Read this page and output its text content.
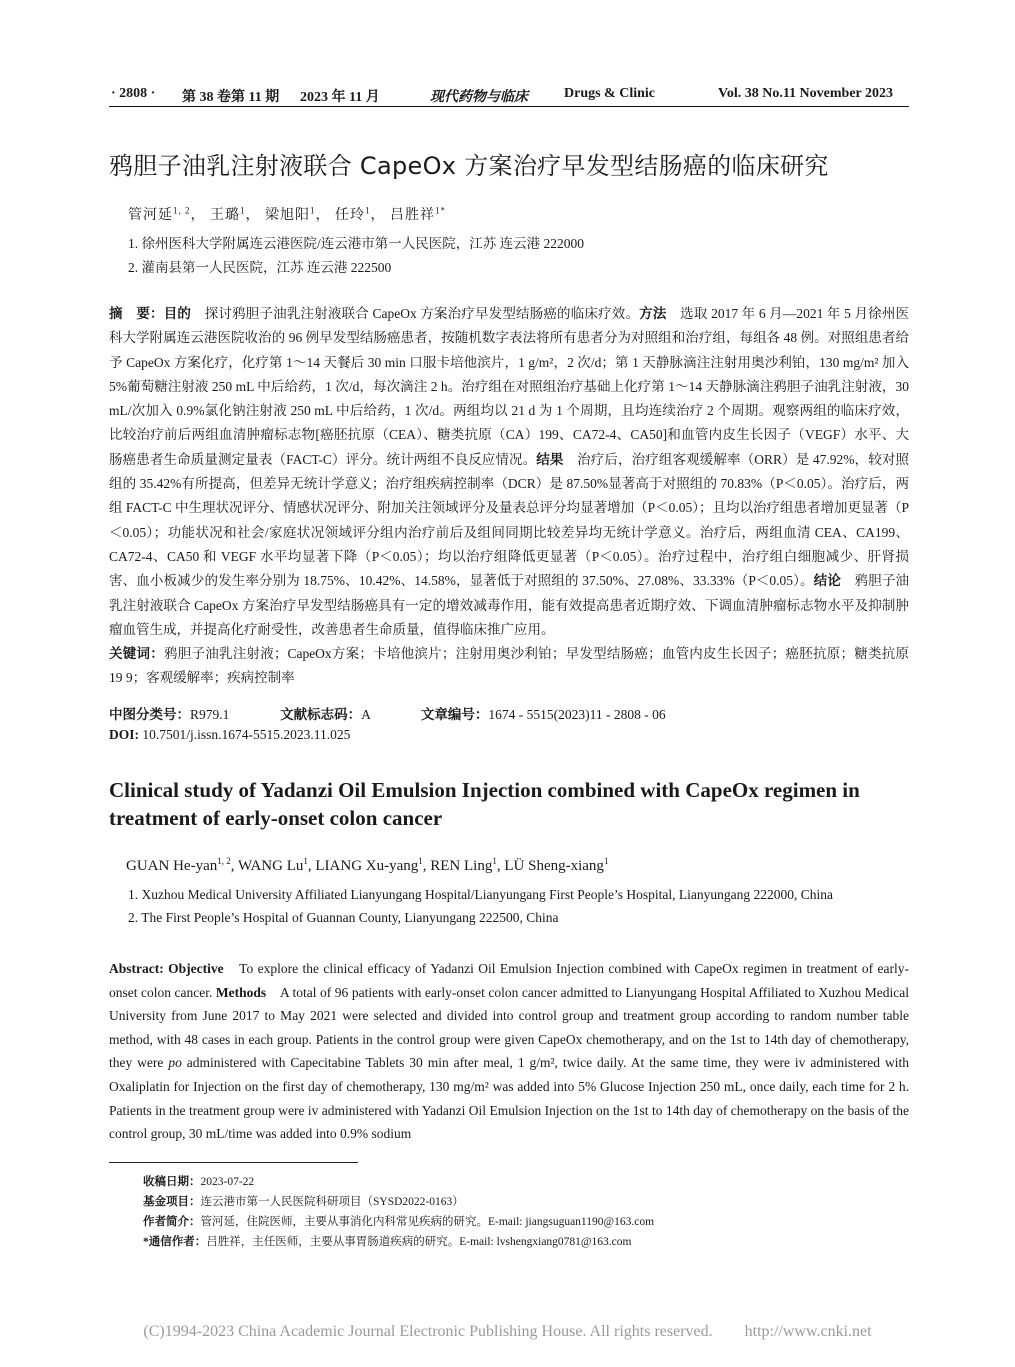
· 2808 · 第 38 卷第 11 期 2023 年 11 月	现代药物与临床	Drugs & Clinic	Vol. 38 No.11 November 2023
鸦胆子油乳注射液联合 CapeOx 方案治疗早发型结肠癌的临床研究
管河延$^{1, 2}$， 王璐$^1$， 梁旭阳$^1$， 任玲$^1$， 吕胜祥$^{1*}$
1. 徐州医科大学附属连云港医院/连云港市第一人民医院，江苏 连云港 222000
2. 灌南县第一人民医院，江苏 连云港 222500
摘　要：目的　探讨鸦胆子油乳注射液联合 CapeOx 方案治疗早发型结肠癌的临床疗效。方法　选取 2017 年 6 月—2021 年 5 月徐州医科大学附属连云港医院收治的 96 例早发型结肠癌患者，按随机数字表法将所有患者分为对照组和治疗组，每组各 48 例。对照组患者给予 CapeOx 方案化疗，化疗第 1～14 天餐后 30 min 口服卡培他滨片，1 g/m²，2 次/d；第 1 天静脉滴注注射用奥沙利铂，130 mg/m² 加入 5%葡萄糖注射液 250 mL 中后给药，1 次/d，每次滴注 2 h。治疗组在对照组治疗基础上化疗第 1～14 天静脉滴注鸦胆子油乳注射液，30 mL/次加入 0.9%氯化钠注射液 250 mL 中后给药，1 次/d。两组均以 21 d 为 1 个周期，且均连续治疗 2 个周期。观察两组的临床疗效，比较治疗前后两组血清肿瘤标志物[癌胚抗原（CEA）、糖类抗原（CA）199、CA72-4、CA50]和血管内皮生长因子（VEGF）水平、大肠癌患者生命质量测定量表（FACT-C）评分。统计两组不良反应情况。结果　治疗后，治疗组客观缓解率（ORR）是 47.92%，较对照组的 35.42%有所提高，但差异无统计学意义；治疗组疾病控制率（DCR）是 87.50%显著高于对照组的 70.83%（P＜0.05）。治疗后，两组 FACT-C 中生理状况评分、情感状况评分、附加关注领域评分及量表总评分均显著增加（P＜0.05）；且均以治疗组患者增加更显著（P＜0.05）；功能状况和社会/家庭状况领域评分组内治疗前后及组间同期比较差异均无统计学意义。治疗后，两组血清 CEA、CA199、CA72-4、CA50 和 VEGF 水平均显著下降（P＜0.05）；均以治疗组降低更显著（P＜0.05）。治疗过程中，治疗组白细胞减少、肝肾损害、血小板减少的发生率分别为 18.75%、10.42%、14.58%，显著低于对照组的 37.50%、27.08%、33.33%（P＜0.05）。结论　鸦胆子油乳注射液联合 CapeOx 方案治疗早发型结肠癌具有一定的增效减毒作用，能有效提高患者近期疗效、下调血清肿瘤标志物水平及抑制肿瘤血管生成，并提高化疗耐受性，改善患者生命质量，值得临床推广应用。
关键词：鸦胆子油乳注射液；CapeOx方案；卡培他滨片；注射用奥沙利铂；早发型结肠癌；血管内皮生长因子；癌胚抗原；糖类抗原 19 9；客观缓解率；疾病控制率
中图分类号：R979.1	文献标志码：A	文章编号：1674 - 5515(2023)11 - 2808 - 06
DOI: 10.7501/j.issn.1674-5515.2023.11.025
Clinical study of Yadanzi Oil Emulsion Injection combined with CapeOx regimen in treatment of early-onset colon cancer
GUAN He-yan$^{1, 2}$, WANG Lu$^1$, LIANG Xu-yang$^1$, REN Ling$^1$, LÜ Sheng-xiang$^1$
1. Xuzhou Medical University Affiliated Lianyungang Hospital/Lianyungang First People’s Hospital, Lianyungang 222000, China
2. The First People’s Hospital of Guannan County, Lianyungang 222500, China
Abstract: Objective　To explore the clinical efficacy of Yadanzi Oil Emulsion Injection combined with CapeOx regimen in treatment of early-onset colon cancer. Methods　A total of 96 patients with early-onset colon cancer admitted to Lianyungang Hospital Affiliated to Xuzhou Medical University from June 2017 to May 2021 were selected and divided into control group and treatment group according to random number table method, with 48 cases in each group. Patients in the control group were given CapeOx chemotherapy, and on the 1st to 14th day of chemotherapy, they were po administered with Capecitabine Tablets 30 min after meal, 1 g/m², twice daily. At the same time, they were iv administered with Oxaliplatin for Injection on the first day of chemotherapy, 130 mg/m² was added into 5% Glucose Injection 250 mL, once daily, each time for 2 h. Patients in the treatment group were iv administered with Yadanzi Oil Emulsion Injection on the 1st to 14th day of chemotherapy on the basis of the control group, 30 mL/time was added into 0.9% sodium
收稿日期：2023-07-22
基金项目：连云港市第一人民医院科研项目（SYSD2022-0163）
作者简介：管河延，住院医师，主要从事消化内科常见疾病的研究。E-mail: jiangsuguan1190@163.com
*通信作者：吕胜祥，主任医师，主要从事胃肠道疾病的研究。E-mail: lvshengxiang0781@163.com
(C)1994-2023 China Academic Journal Electronic Publishing House. All rights reserved.　　http://www.cnki.net
